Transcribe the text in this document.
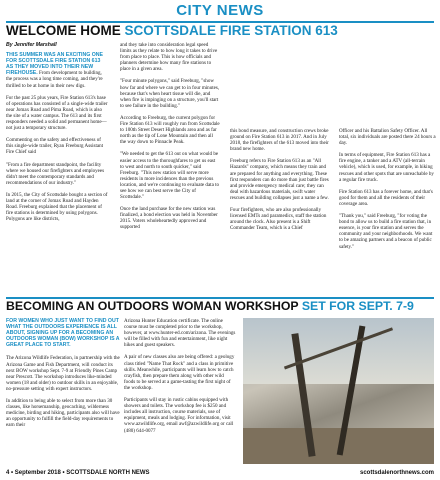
CITY NEWS
WELCOME HOME SCOTTSDALE FIRE STATION 613
By Jennifer Marshall

THIS SUMMER WAS AN EXCITING ONE FOR SCOTTSDALE FIRE STATION 613 AS THEY MOVED INTO THEIR NEW FIREHOUSE. From development to building, the process was a long time coming, and they're thrilled to be at home in their new digs.

For the past 25 plus years, Fire Station 613's base of operations has consisted of a single-wide trailer near Jomax Road and Pima Road, which is also the site of a water campus. The 613 and its first responders needed a solid and permanent home—not just a temporary structure.

Commenting on the safety and effectiveness of this single-wide trailer, Ryan Freeburg Assistant Fire Chief said

"From a fire department standpoint, the facility where we housed our firefighters and employees didn't meet the contemporary standards and recommendations of our industry."

In 2015, the City of Scottsdale bought a section of land at the corner of Jomax Road and Hayden Road. Freeburg explained that the placement of fire stations is determined by using polygons. Polygons are like districts,

and they take into consideration legal speed limits as they relate to how long it takes to drive from place to place. This is how officials and planners determine how many fire stations to place in a given area.

"Four minute polygons," said Freeburg, "show how far and where we can get to in four minutes, because that's when heart tissue will die, and when fire is impinging on a structure, you'll start to see failure in the building."

According to Freeburg, the current polygon for Fire Station 613 will roughly run from Scottsdale to 100th Street Desert Highlands area and as far north as the tip of Lone Mountain and then all the way down to Pinnacle Peak.

"We needed to get the 613 out on what would be easier access to the thoroughfares to get us east to west and north to south quicker," said Freeburg. "This new station will serve more residents in more incidences than the previous location, and we're continuing to evaluate data to see how we can best serve the City of Scottsdale."

Once the land purchase for the new station was finalized, a bond election was held in November 2015. Voters wholeheartedly approved and supported

this bond measure, and construction crews broke ground on Fire Station 613 in 2017. And in July 2018, the firefighters of the 613 moved into their brand new home.

Freeburg refers to Fire Station 613 as an "All Hazards" company, which means they train and are prepared for anything and everything. These first responders can do more than just battle fires and provide emergency medical care; they can deal with hazardous materials, swift water rescues and building collapses just a name a few.

Four firefighters, who are also professionally licensed EMTs and paramedics, staff the station around the clock. Also present is a Shift Commander Team, which is a Chief

Officer and his Battalion Safety Officer. All total, six individuals are posted there 24 hours a day.

In terms of equipment, Fire Station 613 has a fire engine, a tanker and a ATV (all-terrain vehicle), which is used, for example, in hiking rescues and other spots that are unreachable by a regular fire truck.

Fire Station 613 has a forever home, and that's good for them and all the residents of their coverage area.

"Thank you," said Freeburg, "for voting the bond to allow us to build a fire station that, in essence, is your fire station and serves the community and your neighborhoods. We want to be amazing partners and a beacon of public safety."

BECOMING AN OUTDOORS WOMAN WORKSHOP SET FOR SEPT. 7-9

FOR WOMEN WHO JUST WANT TO FIND OUT WHAT THE OUTDOORS EXPERIENCE IS ALL ABOUT, SIGNING UP FOR A BECOMING AN OUTDOORS WOMAN (BOW) WORKSHOP IS A GREAT PLACE TO START.

The Arizona Wildlife Federation, in partnership with the Arizona Game and Fish Department, will conduct its next BOW workshop Sept. 7-9 at Friendly Pines Camp near Prescott. The workshop introduces like-minded women (18 and older) to outdoor skills in an enjoyable, no-pressure setting with expert instructors.

In addition to being able to select from more than 30 classes, like horsemanship, geocaching, wilderness medicine, birding and hiking, participants also will have an opportunity to fulfill the field-day requirements to earn their

Arizona Hunter Education certificate. The online course must be completed prior to the workshop, however, at www.hunter-ed.com/arizona. The evenings will be filled with fun and entertainment, like night hikes and guest speakers.

A pair of new classes also are being offered: a geology class titled "Name That Rock" and a class in primitive skills. Meanwhile, participants will learn how to catch crayfish, then prepare them along with other wild foods to be served at a game-tasting the first night of the workshop.

Participants will stay in rustic cabins equipped with showers and toilets. The workshop fee is $250 and includes all instruction, course materials, use of equipment, meals and lodging. For information, visit www.azwildlife.org, email awf@azwildlife.org or call (480) 644-0077

4 • September 2018 • SCOTTSDALE NORTH NEWS	scottsdalenorthnews.com
